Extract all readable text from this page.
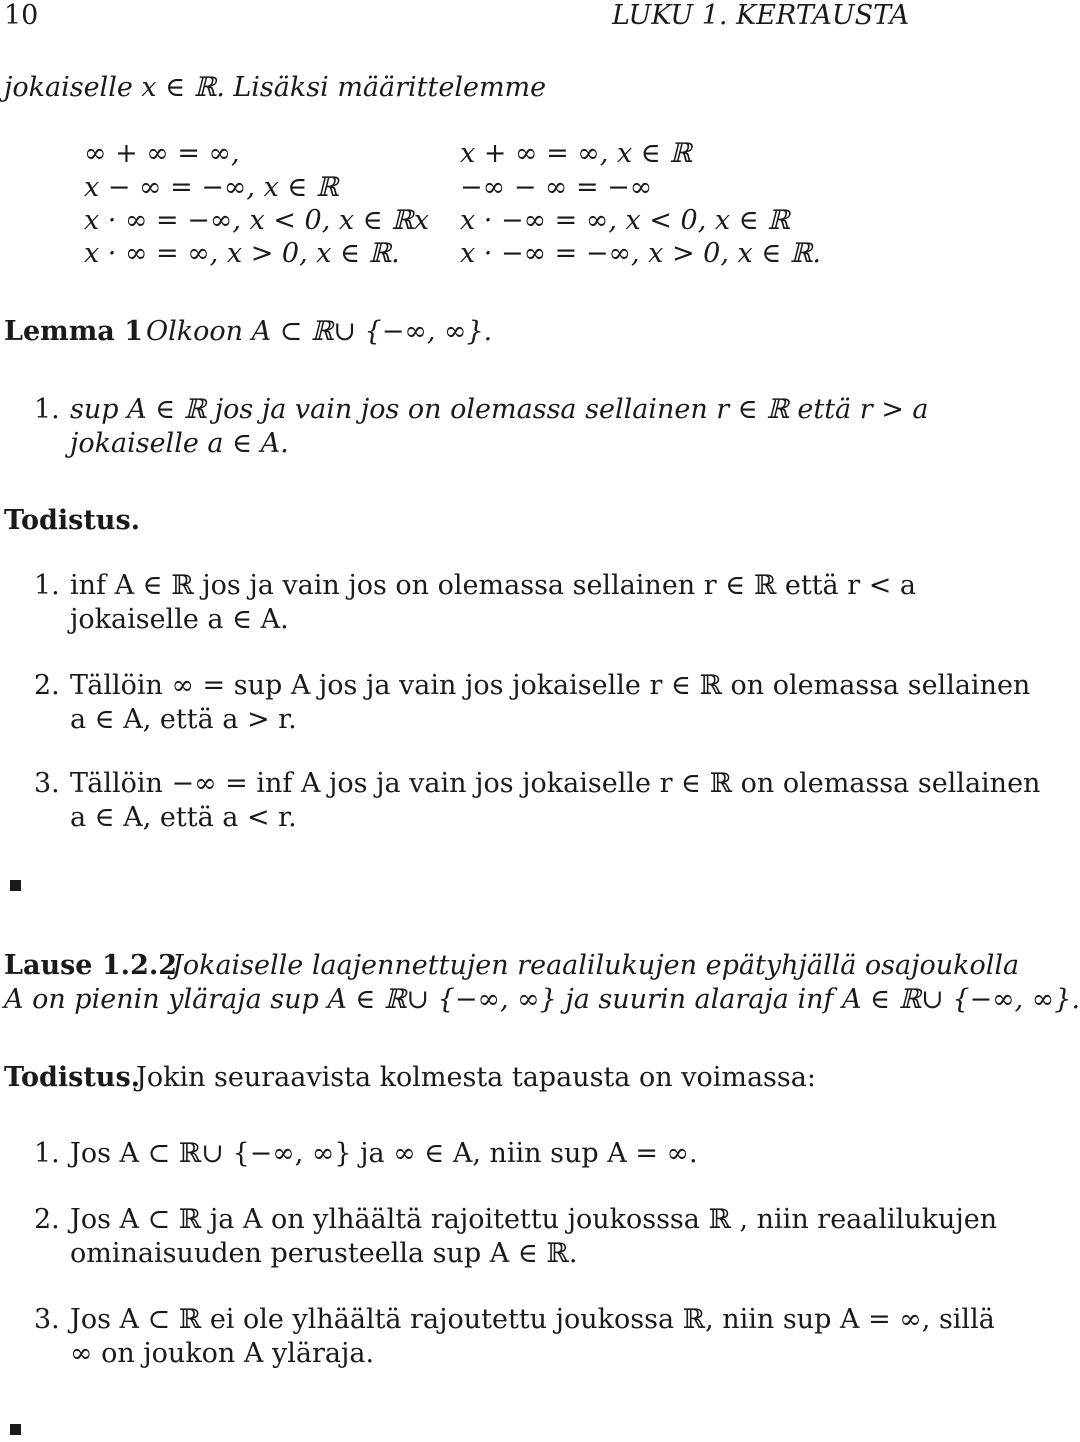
10	LUKU 1. KERTAUSTA
jokaiselle x ∈ ℝ. Lisäksi määrittelemme
∞ + ∞ = ∞,
x − ∞ = −∞, x ∈ ℝ
x · ∞ = −∞, x < 0, x ∈ ℝx
x · ∞ = ∞, x > 0, x ∈ ℝ.
x + ∞ = ∞, x ∈ ℝ
−∞ − ∞ = −∞
x · −∞ = ∞, x < 0, x ∈ ℝ
x · −∞ = −∞, x > 0, x ∈ ℝ.
Lemma 1 Olkoon A ⊂ ℝ∪ {−∞, ∞}.
1. sup A ∈ ℝ jos ja vain jos on olemassa sellainen r ∈ ℝ että r > a
jokaiselle a ∈ A.
Todistus.
1. inf A ∈ ℝ jos ja vain jos on olemassa sellainen r ∈ ℝ että r < a
jokaiselle a ∈ A.
2. Tällöin ∞ = sup A jos ja vain jos jokaiselle r ∈ ℝ on olemassa sellainen
a ∈ A, että a > r.
3. Tällöin −∞ = inf A jos ja vain jos jokaiselle r ∈ ℝ on olemassa sellainen
a ∈ A, että a < r.
Lause 1.2.2
Jokaiselle laajennettujen reaalilukujen epätyhjällä osajoukolla
A on pienin yläraja sup A ∈ ℝ∪ {−∞, ∞} ja suurin alaraja inf A ∈ ℝ∪ {−∞, ∞}.
Todistus.
Jokin seuraavista kolmesta tapausta on voimassa:
1. Jos A ⊂ ℝ∪ {−∞, ∞} ja ∞ ∈ A, niin sup A = ∞.
2. Jos A ⊂ ℝ ja A on ylhäältä rajoitettu joukosssa ℝ , niin reaalilukujen
ominaisuuden perusteella sup A ∈ ℝ.
3. Jos A ⊂ ℝ ei ole ylhäältä rajoutettu joukossa ℝ, niin sup A = ∞, sillä
∞ on joukon A yläraja.
